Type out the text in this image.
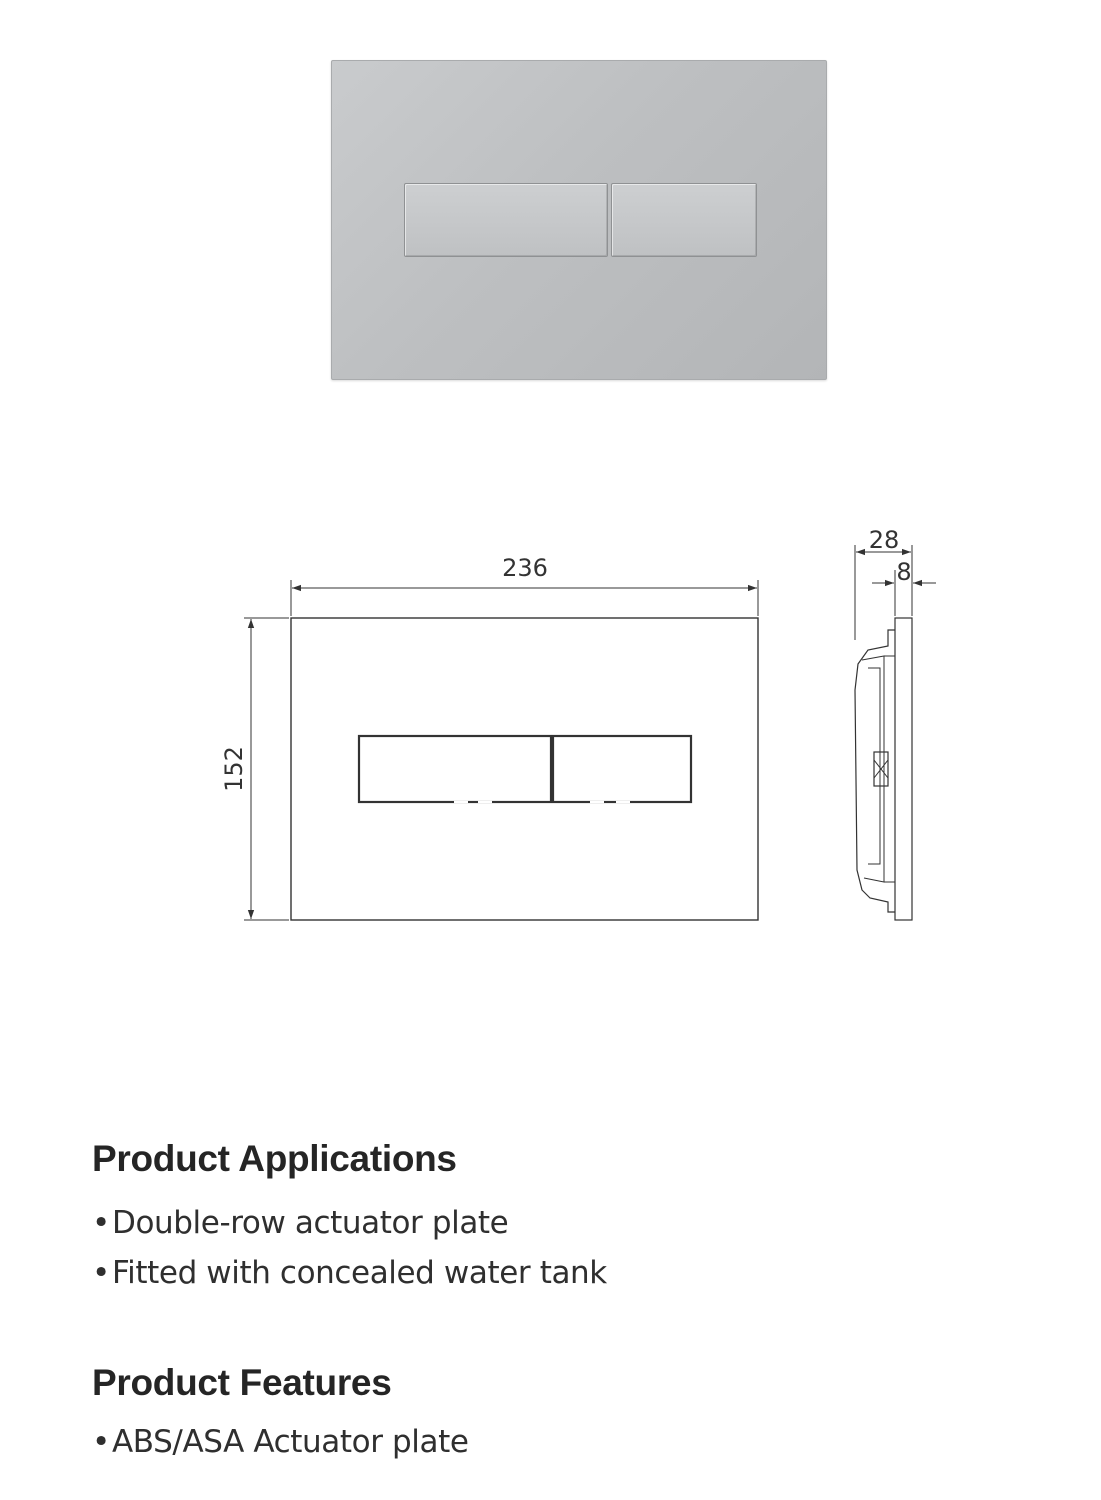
236
152
28
8
Product Applications
•Double-row actuator plate
•Fitted with concealed water tank
Product Features
•ABS/ASA Actuator plate
